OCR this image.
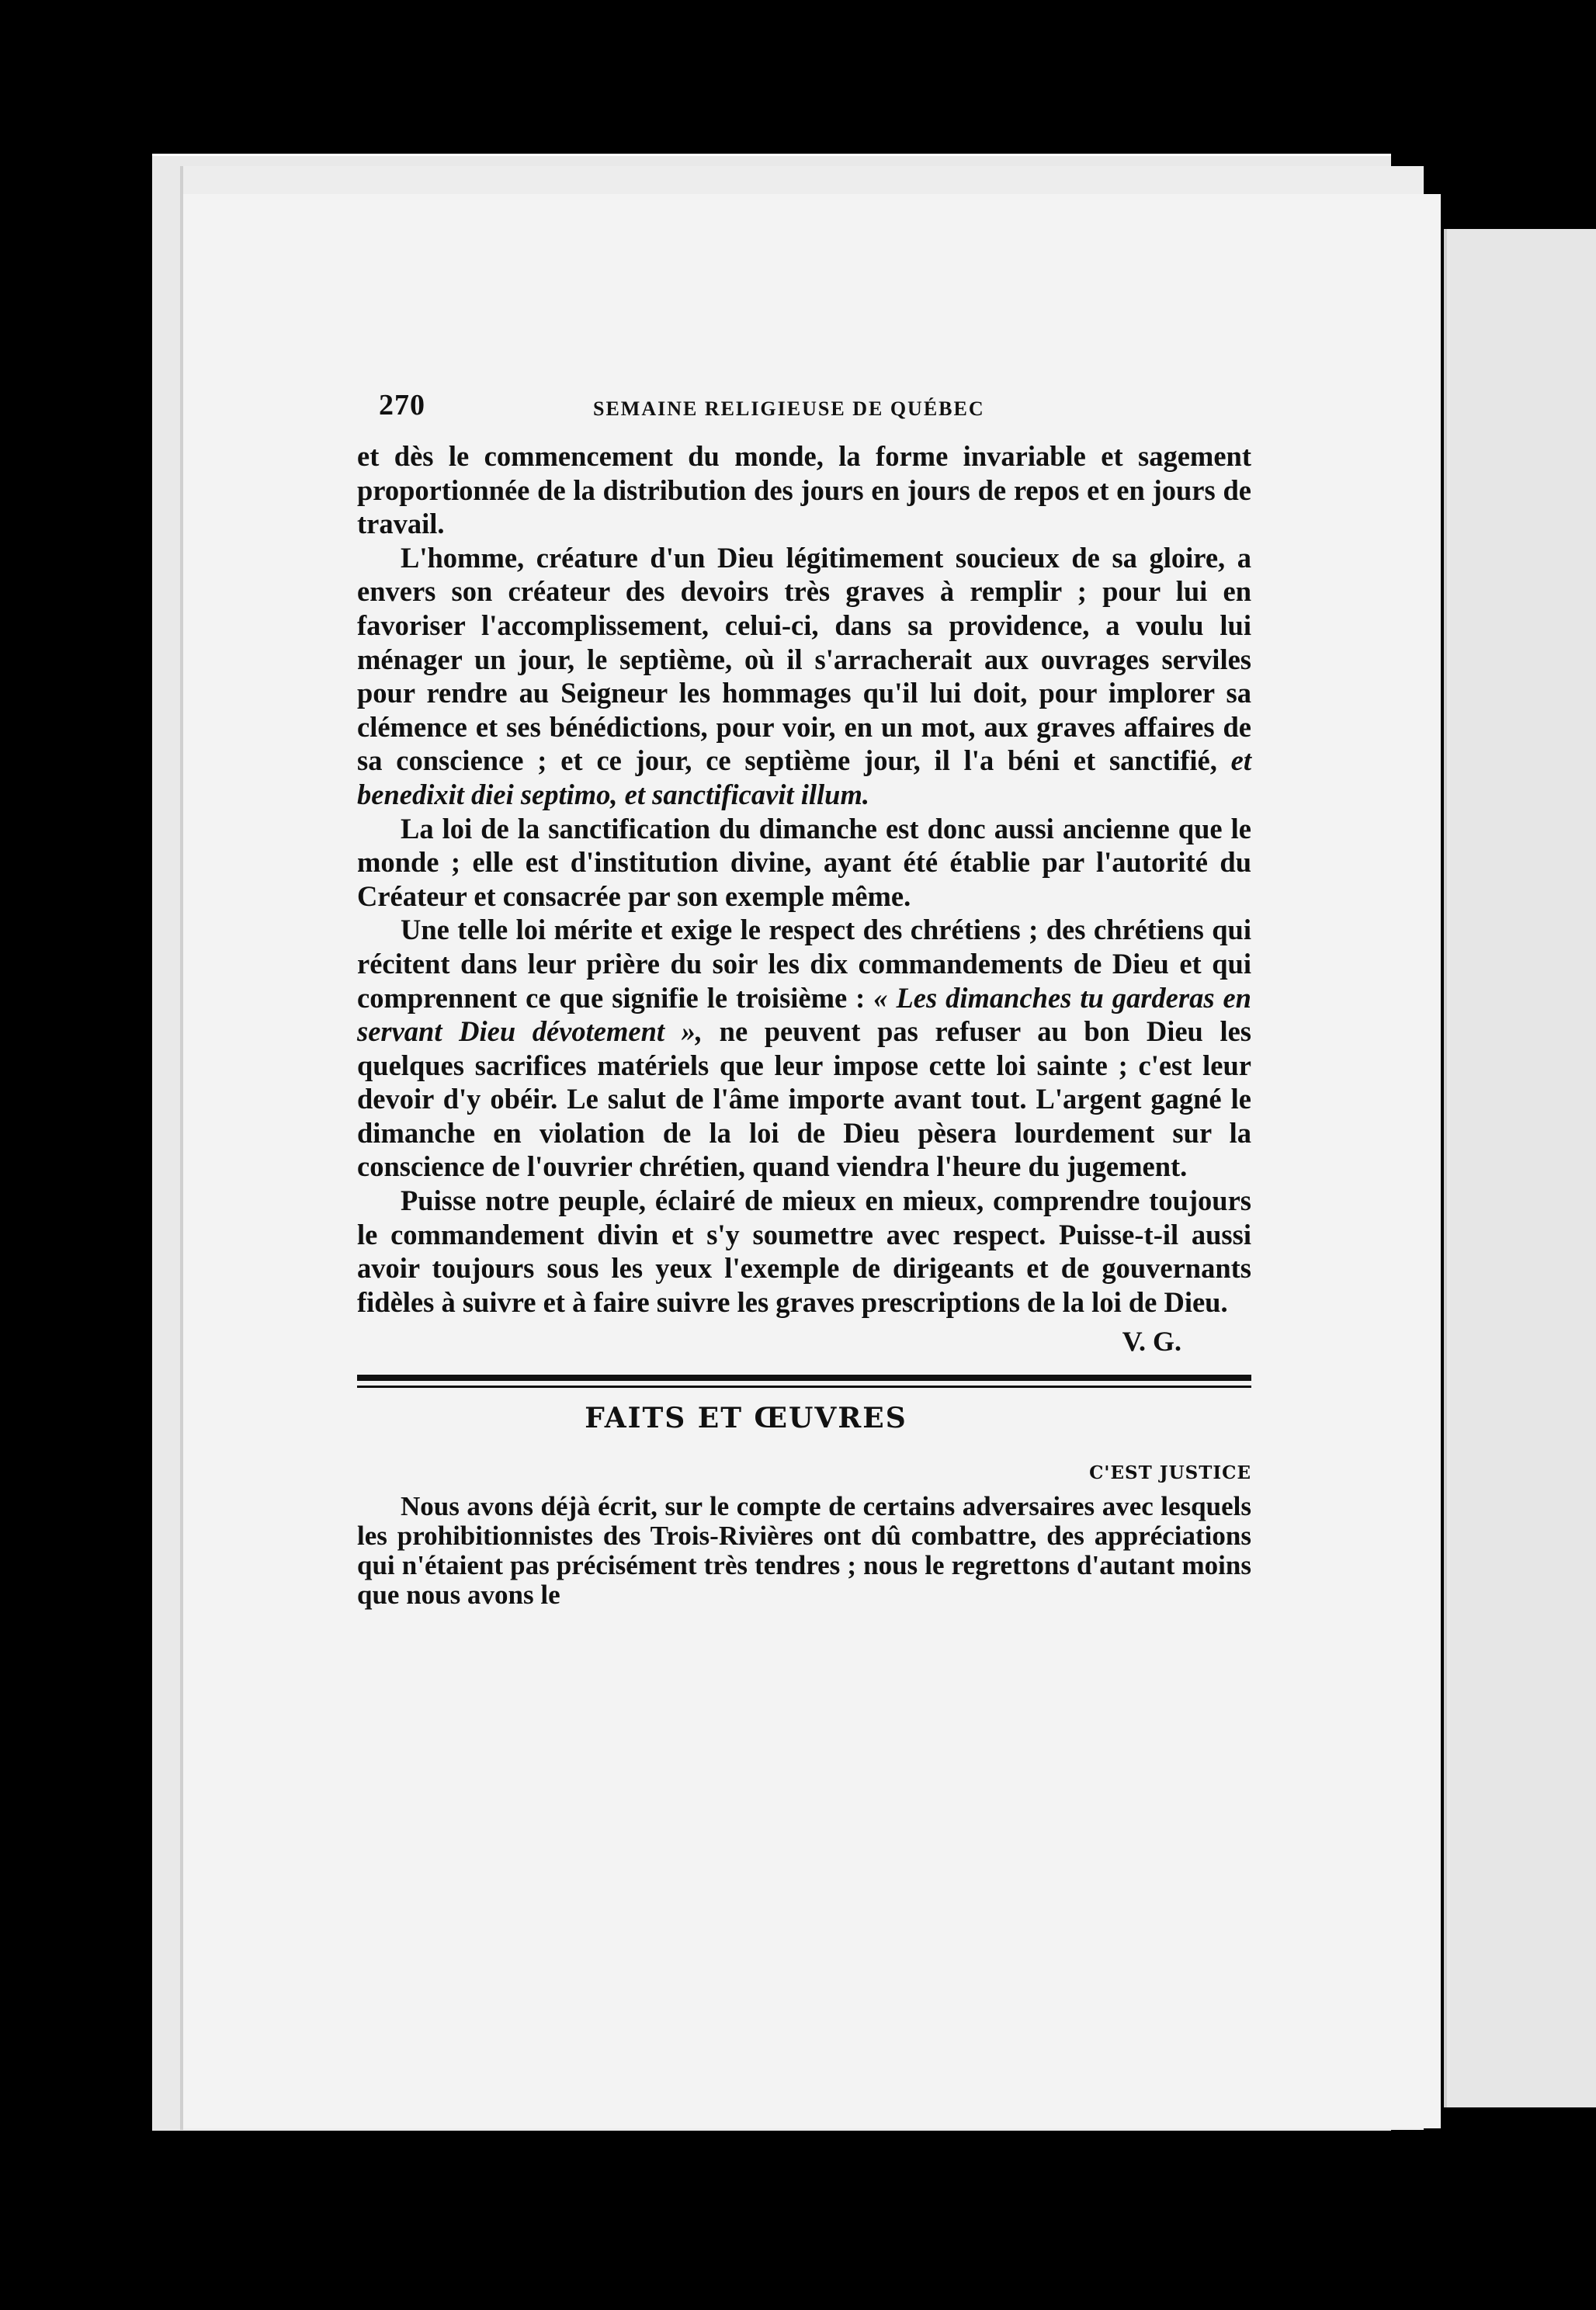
270	SEMAINE RELIGIEUSE DE QUÉBEC

et dès le commencement du monde, la forme invariable et sagement proportionnée de la distribution des jours en jours de repos et en jours de travail.

L'homme, créature d'un Dieu légitimement soucieux de sa gloire, a envers son créateur des devoirs très graves à remplir ; pour lui en favoriser l'accomplissement, celui-ci, dans sa providence, a voulu lui ménager un jour, le septième, où il s'arracherait aux ouvrages serviles pour rendre au Seigneur les hommages qu'il lui doit, pour implorer sa clémence et ses bénédictions, pour voir, en un mot, aux graves affaires de sa conscience ; et ce jour, ce septième jour, il l'a béni et sanctifié, et benedixit diei septimo, et sanctificavit illum.

La loi de la sanctification du dimanche est donc aussi ancienne que le monde ; elle est d'institution divine, ayant été établie par l'autorité du Créateur et consacrée par son exemple même.

Une telle loi mérite et exige le respect des chrétiens ; des chrétiens qui récitent dans leur prière du soir les dix commandements de Dieu et qui comprennent ce que signifie le troisième : « Les dimanches tu garderas en servant Dieu dévotement », ne peuvent pas refuser au bon Dieu les quelques sacrifices matériels que leur impose cette loi sainte ; c'est leur devoir d'y obéir. Le salut de l'âme importe avant tout. L'argent gagné le dimanche en violation de la loi de Dieu pèsera lourdement sur la conscience de l'ouvrier chrétien, quand viendra l'heure du jugement.

Puisse notre peuple, éclairé de mieux en mieux, comprendre toujours le commandement divin et s'y soumettre avec respect. Puisse-t-il aussi avoir toujours sous les yeux l'exemple de dirigeants et de gouvernants fidèles à suivre et à faire suivre les graves prescriptions de la loi de Dieu.

V. G.
FAITS ET ŒUVRES
C'EST JUSTICE

Nous avons déjà écrit, sur le compte de certains adversaires avec lesquels les prohibitionnistes des Trois-Rivières ont dû combattre, des appréciations qui n'étaient pas précisément très tendres ; nous le regrettons d'autant moins que nous avons le
